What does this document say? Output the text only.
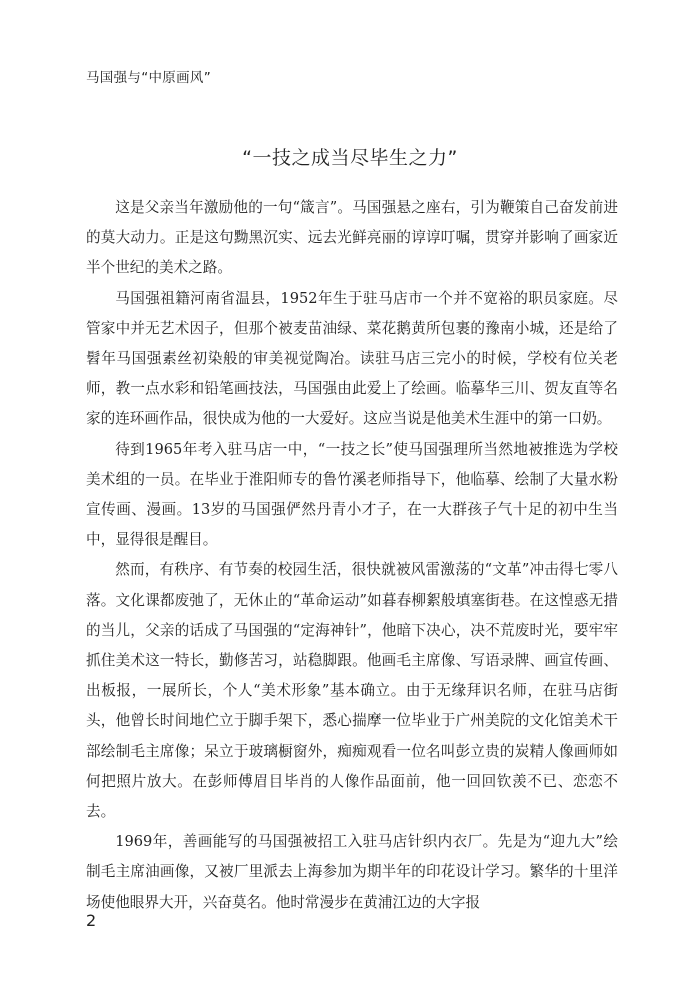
马国强与“中原画风”
“一技之成当尽毕生之力”

这是父亲当年激励他的一句“箴言”。马国强悬之座右，引为鞭策自己奋发前进的莫大动力。正是这句黝黑沉实、远去光鲜亮丽的谆谆叮嘱，贯穿并影响了画家近半个世纪的美术之路。

马国强祖籍河南省温县，1952年生于驻马店市一个并不宽裕的职员家庭。尽管家中并无艺术因子，但那个被麦苗油绿、菜花鹅黄所包裹的豫南小城，还是给了髫年马国强素丝初染般的审美视觉陶冶。读驻马店三完小的时候，学校有位关老师，教一点水彩和铅笔画技法，马国强由此爱上了绘画。临摹华三川、贺友直等名家的连环画作品，很快成为他的一大爱好。这应当说是他美术生涯中的第一口奶。

待到1965年考入驻马店一中，“一技之长”使马国强理所当然地被推选为学校美术组的一员。在毕业于淮阳师专的鲁竹溪老师指导下，他临摹、绘制了大量水粉宣传画、漫画。13岁的马国强俨然丹青小才子，在一大群孩子气十足的初中生当中，显得很是醒目。

然而，有秩序、有节奏的校园生活，很快就被风雷激荡的“文革”冲击得七零八落。文化课都废弛了，无休止的“革命运动”如暮春柳絮般填塞街巷。在这惶惑无措的当儿，父亲的话成了马国强的“定海神针”，他暗下决心，决不荒废时光，要牢牢抓住美术这一特长，勤修苦习，站稳脚跟。他画毛主席像、写语录牌、画宣传画、出板报，一展所长，个人“美术形象”基本确立。由于无缘拜识名师，在驻马店街头，他曾长时间地伫立于脚手架下，悉心揣摩一位毕业于广州美院的文化馆美术干部绘制毛主席像；呆立于玻璃橱窗外，痴痴观看一位名叫彭立贵的炭精人像画师如何把照片放大。在彭师傅眉目毕肖的人像作品面前，他一回回钦羡不已、恋恋不去。

1969年，善画能写的马国强被招工入驻马店针织内衣厂。先是为“迎九大”绘制毛主席油画像，又被厂里派去上海参加为期半年的印花设计学习。繁华的十里洋场使他眼界大开，兴奋莫名。他时常漫步在黄浦江边的大字报

2
